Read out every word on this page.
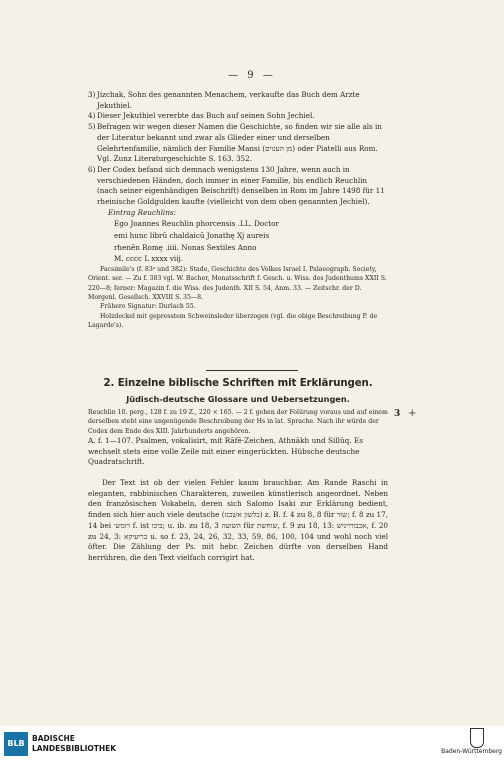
— 9 —
3) Jizchak, Sohn des genannten Menachem, verkaufte das Buch dem Arzte Jekuthiel.
4) Dieser Jekuthiel vererbte das Buch auf seinen Sohn Jechiel.
5) Befragen wir wegen dieser Namen die Geschichte, so finden wir sie alle als in der Literatur bekannt und zwar als Glieder einer und derselben Gelehrtenfamilie, nämlich der Familie Mansi (מן הענוים) oder Piatelli aus Rom. Vgl. Zunz Literaturgeschichte S. 163. 352.
6) Der Codex befand sich demnach wenigstens 130 Jahre, wenn auch in verschiedenen Händen, doch immer in einer Familie, bis endlich Reuchlin (nach seiner eigenhändigen Beischrift) denselben in Rom im Jahre 1498 für 11 rheinische Goldgulden kaufte (vielleicht von dem oben genannten Jechiel).
Eintrag Reuchlins:
Ego Joannes Reuchlin phorcensis .LL. Doctor
emi hunc librū chaldaicū Jonathę Xj aureis
rhenēn Romę .iiii. Nonas Sextiles Anno
M. cccc L xxxx viij.

Facsimile's (f. 83ᵃ und 382): Stade, Geschichte des Volkes Israel I. Palaeograph. Society, Orient. ser. — Zu f. 383 vgl. W. Bacher, Monatsschrift f. Gesch. u. Wiss. des Judenthums XXII S. 220—8; ferner: Magazin f. die Wiss. des Judenth. XII S. 54, Anm. 33. — Zeitschr. der D. Morgenl. Gesellsch. XXVIII S. 35—8.

Frühere Signatur: Durlach 55.

Holzdeckel mit gepresstem Schweinsleder überzogen (vgl. die obige Beschreibung P. de Lagarde's).

2. Einzelne biblische Schriften mit Erklärungen.
Jüdisch-deutsche Glossare und Uebersetzungen.
Reuchlin 10. perg., 128 f. zu 19 Z., 220 × 165. — 2 f. gehen der Folürung voraus und auf einem derselben steht eine ungenügende Beschreibung der Hs in lat. Sprache. Nach ihr würde der Codex dem Ende des XIII. Jahrhunderts angehören.
3 +
A. f. 1—107. Psalmen, vokalisirt, mit Rāfē-Zeichen, Athnākh und Sillûq. Es wechselt stets eine volle Zeile mit einer eingerückten. Hübsche deutsche Quadratschrift.
Der Text ist ob der vielen Fehler kaum brauchbar. Am Rande Raschi in eleganten, rabbinischen Charakteren, zuweilen künstlerisch angeordnet. Neben den französischen Vokabeln, deren sich Salomo Isaki zur Erklärung bedient, finden sich hier auch viele deutsche (בלשון אשכנז) z. B. f. 4 zu 8, 8 für שור; f. 8 zu 17, 14 bei רומש׳ f. ist ביכו; u. ib. zu 18, 3 השועה für שוחשת, f. 9 zu 18, 13: אכבורויניש, f. 20 zu 24, 3: בריעיקא u. so f. 23, 24, 26, 32, 33, 59, 86, 100, 104 und wohl noch viel öfter. Die Zählung der Ps. mit hebr. Zeichen dürfte von derselben Hand herrühren, die den Text vielfach corrigirt hat.
BLB
BADISCHE
LANDESBIBLIOTHEK	Baden-Württemberg
